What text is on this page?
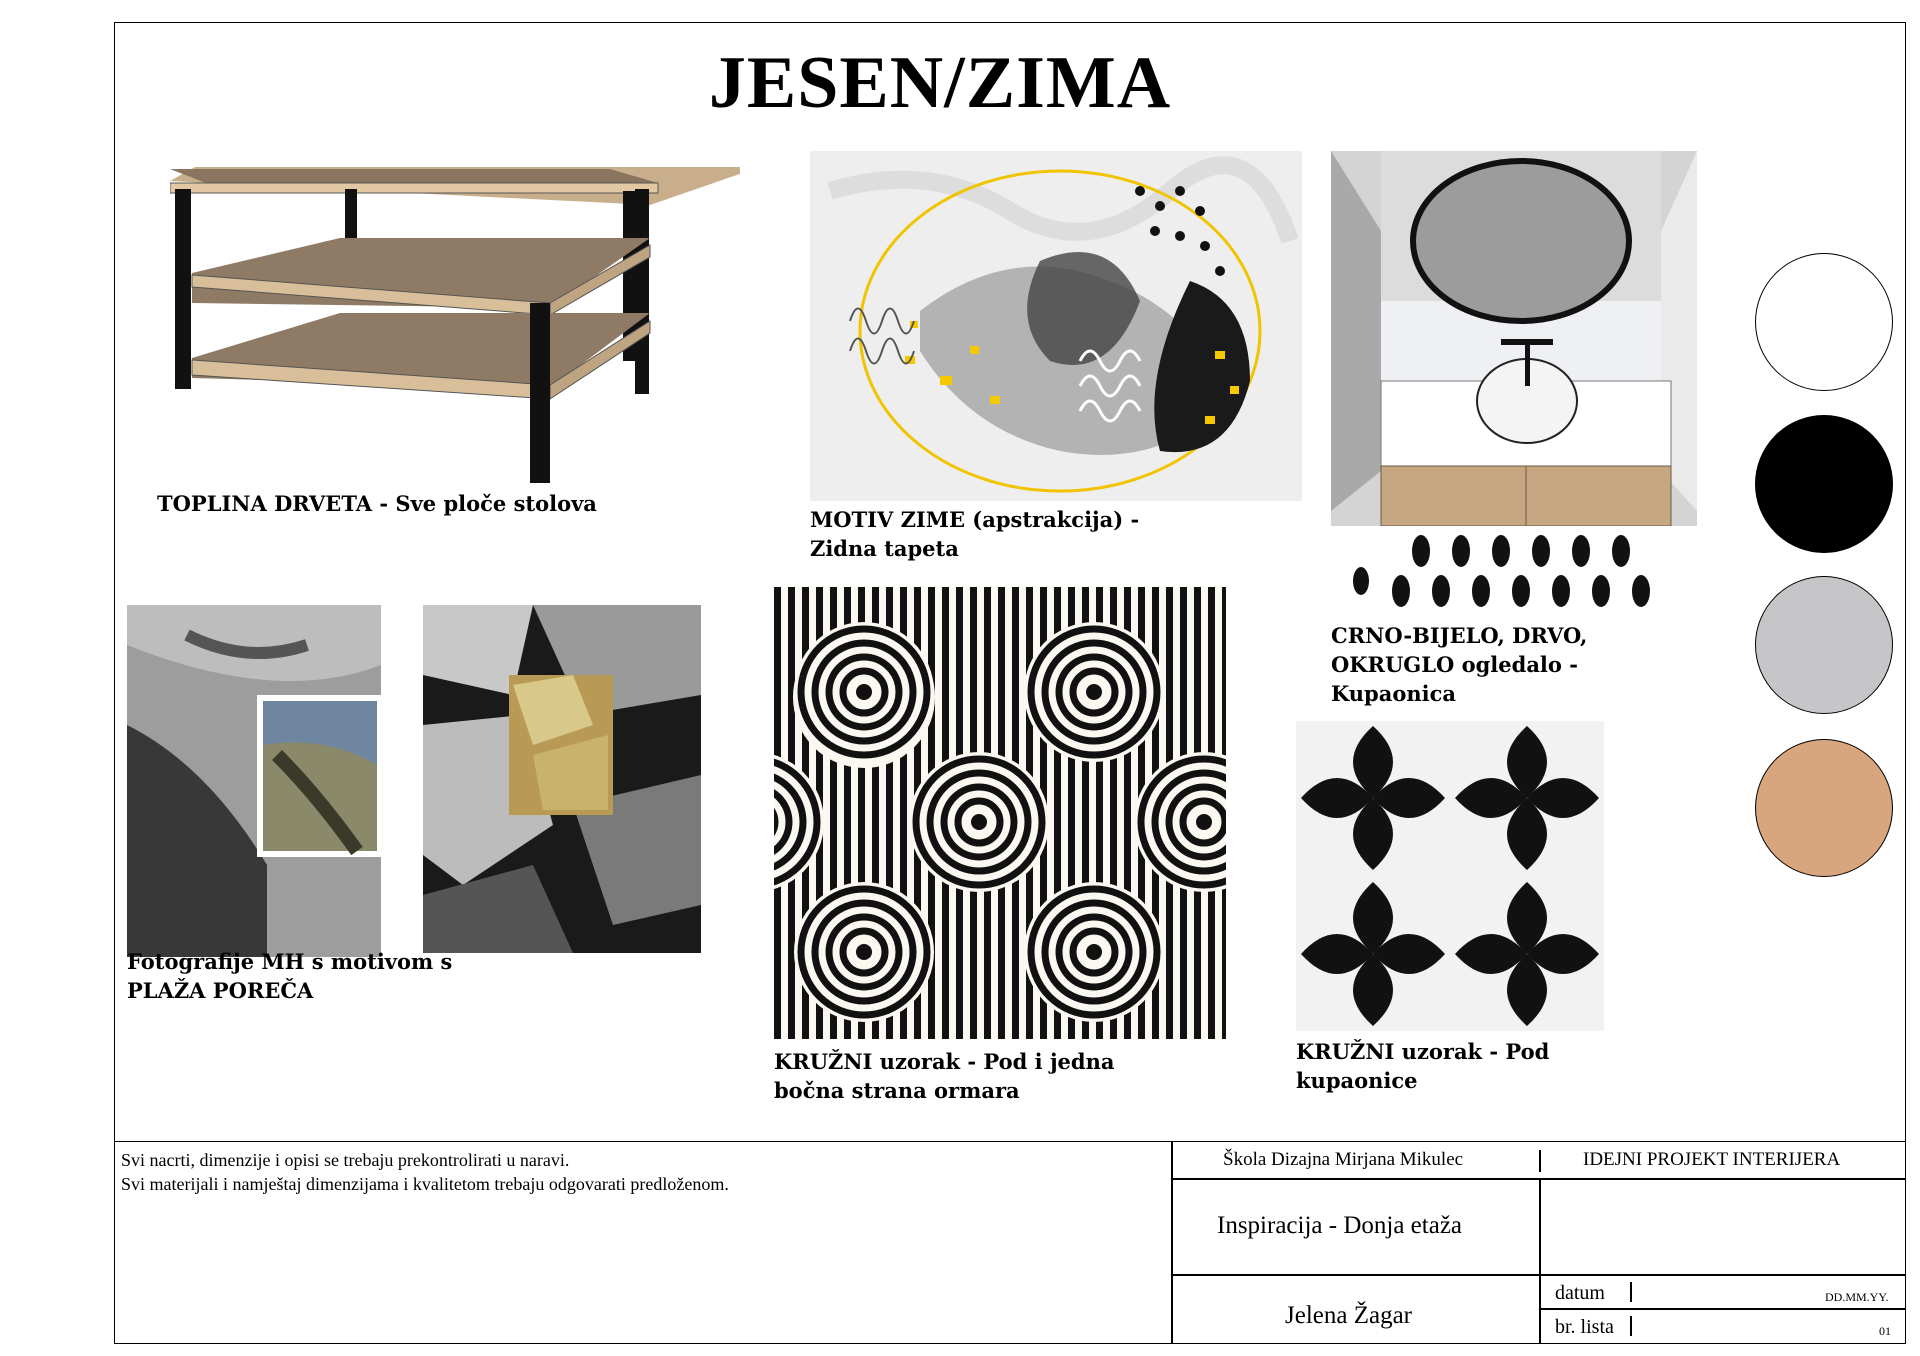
JESEN/ZIMA
TOPLINA DRVETA - Sve ploče stolova
MOTIV ZIME (apstrakcija) -
Zidna tapeta
CRNO-BIJELO, DRVO,
OKRUGLO ogledalo -
Kupaonica
Fotografije MH s motivom s
PLAŽA POREČA
KRUŽNI uzorak - Pod i jedna
bočna strana ormara
KRUŽNI uzorak - Pod
kupaonice
Svi nacrti, dimenzije i opisi se trebaju prekontrolirati u naravi.
Svi materijali i namještaj dimenzijama i kvalitetom trebaju odgovarati predloženom.
Škola Dizajna Mirjana Mikulec	IDEJNI PROJEKT INTERIJERA
Inspiracija - Donja etaža
Jelena Žagar
datum	DD.MM.YY.
br. lista	01
